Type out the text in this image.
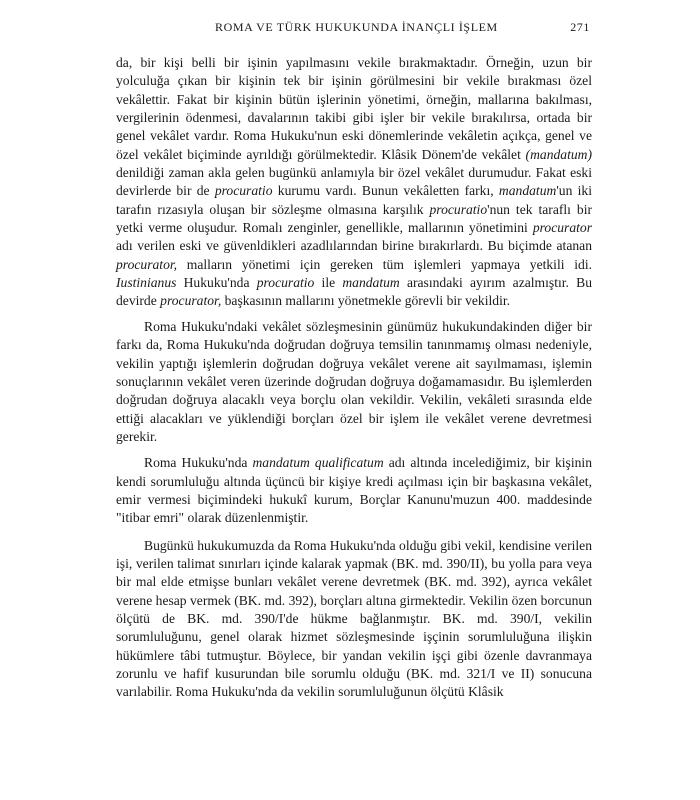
ROMA VE TÜRK HUKUKUNDA İNANÇLI İŞLEM	271

da, bir kişi belli bir işinin yapılmasını vekile bırakmaktadır. Örneğin, uzun bir yolculuğa çıkan bir kişinin tek bir işinin görülmesini bir vekile bırakması özel vekâlettir. Fakat bir kişinin bütün işlerinin yönetimi, örneğin, mallarına bakılması, vergilerinin ödenmesi, davalarının takibi gibi işler bir vekile bırakılırsa, ortada bir genel vekâlet vardır. Roma Hukuku'nun eski dönemlerinde vekâletin açıkça, genel ve özel vekâlet biçiminde ayrıldığı görülmektedir. Klâsik Dönem'de vekâlet (mandatum) denildiği zaman akla gelen bugünkü anlamıyla bir özel vekâlet durumudur. Fakat eski devirlerde bir de procuratio kurumu vardı. Bunun vekâletten farkı, mandatum'un iki tarafın rızasıyla oluşan bir sözleşme olmasına karşılık procuratio'nun tek taraflı bir yetki verme oluşudur. Romalı zenginler, genellikle, mallarının yönetimini procurator adı verilen eski ve güvenldikleri azadlılarından birine bırakırlardı. Bu biçimde atanan procurator, malların yönetimi için gereken tüm işlemleri yapmaya yetkili idi. Iustinianus Hukuku'nda procuratio ile mandatum arasındaki ayırım azalmıştır. Bu devirde procurator, başkasının mallarını yönetmekle görevli bir vekildir.

Roma Hukuku'ndaki vekâlet sözleşmesinin günümüz hukukundakinden diğer bir farkı da, Roma Hukuku'nda doğrudan doğruya temsilin tanınmamış olması nedeniyle, vekilin yaptığı işlemlerin doğrudan doğruya vekâlet verene ait sayılmaması, işlemin sonuçlarının vekâlet veren üzerinde doğrudan doğruya doğamamasıdır. Bu işlemlerden doğrudan doğruya alacaklı veya borçlu olan vekildir. Vekilin, vekâleti sırasında elde ettiği alacakları ve yüklendiği borçları özel bir işlem ile vekâlet verene devretmesi gerekir.

Roma Hukuku'nda mandatum qualificatum adı altında incelediğimiz, bir kişinin kendi sorumluluğu altında üçüncü bir kişiye kredi açılması için bir başkasına vekâlet, emir vermesi biçimindeki hukukî kurum, Borçlar Kanunu'muzun 400. maddesinde "itibar emri" olarak düzenlenmiştir.

Bugünkü hukukumuzda da Roma Hukuku'nda olduğu gibi vekil, kendisine verilen işi, verilen talimat sınırları içinde kalarak yapmak (BK. md. 390/II), bu yolla para veya bir mal elde etmişse bunları vekâlet verene devretmek (BK. md. 392), ayrıca vekâlet verene hesap vermek (BK. md. 392), borçları altına girmektedir. Vekilin özen borcunun ölçütü de BK. md. 390/I'de hükme bağlanmıştır. BK. md. 390/I, vekilin sorumluluğunu, genel olarak hizmet sözleşmesinde işçinin sorumluluğuna ilişkin hükümlere tâbi tutmuştur. Böylece, bir yandan vekilin işçi gibi özenle davranmaya zorunlu ve hafif kusurundan bile sorumlu olduğu (BK. md. 321/I ve II) sonucuna varılabilir. Roma Hukuku'nda da vekilin sorumluluğunun ölçütü Klâsik
